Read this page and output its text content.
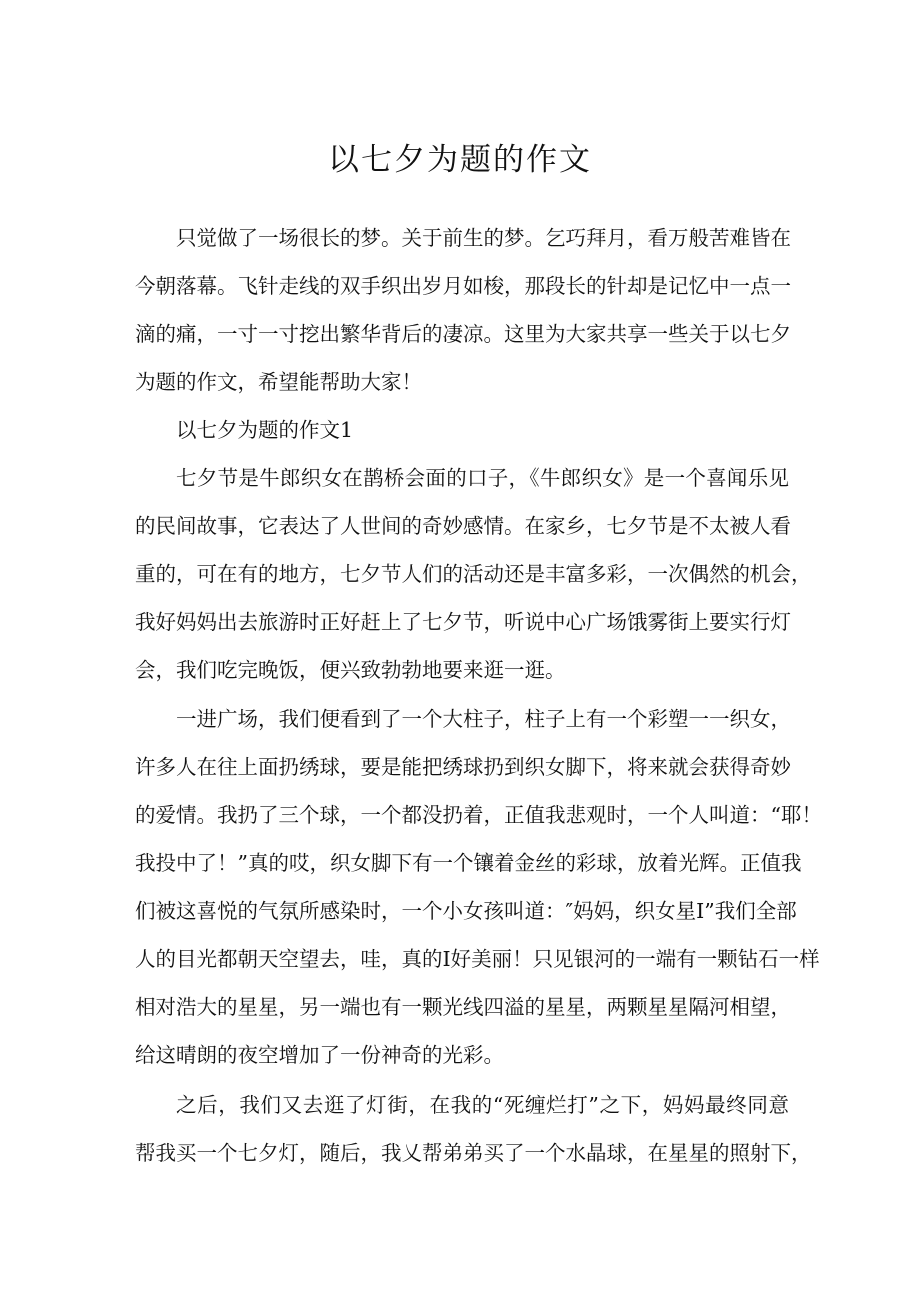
以七夕为题的作文
只觉做了一场很长的梦。关于前生的梦。乞巧拜月，看万般苦难皆在
今朝落幕。飞针走线的双手织出岁月如梭，那段长的针却是记忆中一点一
滴的痛，一寸一寸挖出繁华背后的凄凉。这里为大家共享一些关于以七夕
为题的作文，希望能帮助大家！
以七夕为题的作文1
七夕节是牛郎织女在鹊桥会面的口子，《牛郎织女》是一个喜闻乐见
的民间故事，它表达了人世间的奇妙感情。在家乡，七夕节是不太被人看
重的，可在有的地方，七夕节人们的活动还是丰富多彩，一次偶然的机会，
我好妈妈出去旅游时正好赶上了七夕节，听说中心广场饿雾街上要实行灯
会，我们吃完晚饭，便兴致勃勃地要来逛一逛。
一进广场，我们便看到了一个大柱子，柱子上有一个彩塑一一织女，
许多人在往上面扔绣球，要是能把绣球扔到织女脚下，将来就会获得奇妙
的爱情。我扔了三个球，一个都没扔着，正值我悲观时，一个人叫道：“耶！
我投中了！”真的哎，织女脚下有一个镶着金丝的彩球，放着光辉。正值我
们被这喜悦的气氛所感染时，一个小女孩叫道：″妈妈，织女星I”我们全部
人的目光都朝天空望去，哇，真的I好美丽！只见银河的一端有一颗钻石一样
相对浩大的星星，另一端也有一颗光线四溢的星星，两颗星星隔河相望，
给这晴朗的夜空增加了一份神奇的光彩。
之后，我们又去逛了灯街，在我的“死缠烂打”之下，妈妈最终同意
帮我买一个七夕灯，随后，我乂帮弟弟买了一个水晶球，在星星的照射下，
